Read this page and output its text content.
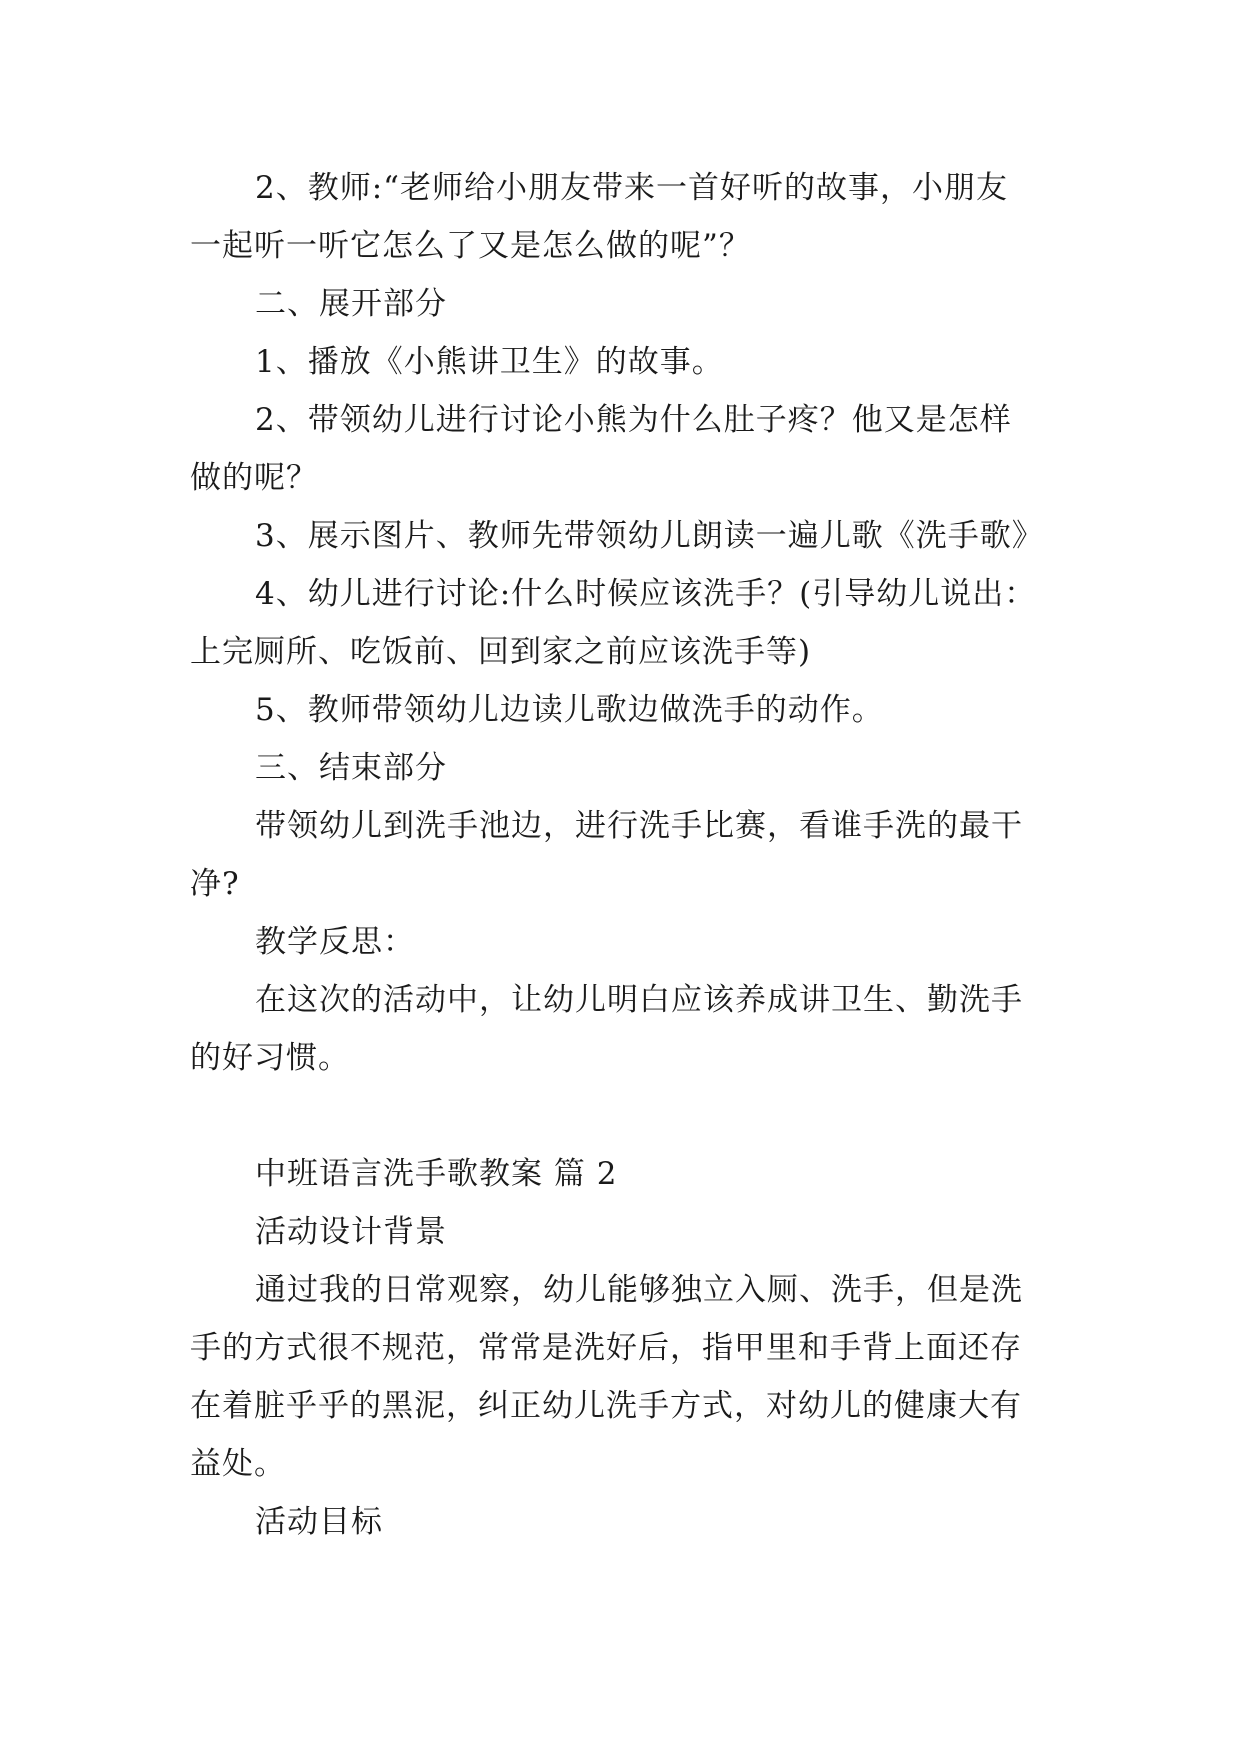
2、教师:“老师给小朋友带来一首好听的故事，小朋友
一起听一听它怎么了又是怎么做的呢”？
二、展开部分
1、播放《小熊讲卫生》的故事。
2、带领幼儿进行讨论小熊为什么肚子疼？他又是怎样
做的呢？
3、展示图片、教师先带领幼儿朗读一遍儿歌《洗手歌》
4、幼儿进行讨论:什么时候应该洗手？(引导幼儿说出：
上完厕所、吃饭前、回到家之前应该洗手等)
5、教师带领幼儿边读儿歌边做洗手的动作。
三、结束部分
带领幼儿到洗手池边，进行洗手比赛，看谁手洗的最干
净?
教学反思：
在这次的活动中，让幼儿明白应该养成讲卫生、勤洗手
的好习惯。
中班语言洗手歌教案 篇 2
活动设计背景
通过我的日常观察，幼儿能够独立入厕、洗手，但是洗
手的方式很不规范，常常是洗好后，指甲里和手背上面还存
在着脏乎乎的黑泥，纠正幼儿洗手方式，对幼儿的健康大有
益处。
活动目标
